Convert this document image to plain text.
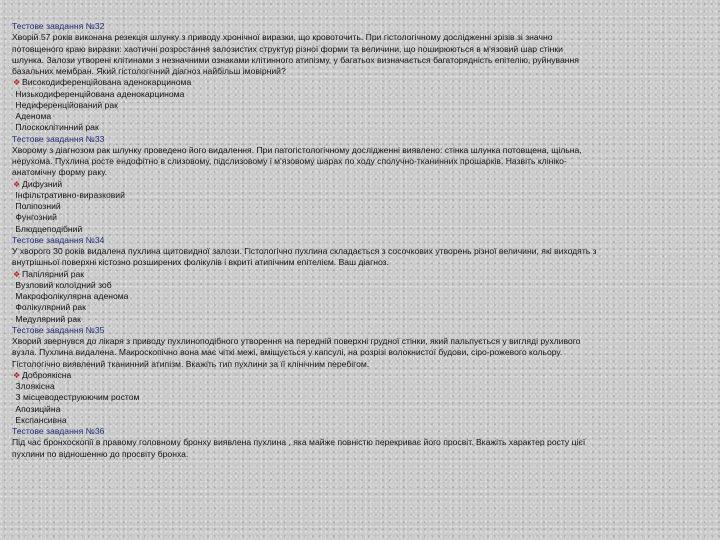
Тестове завдання №32
Хворій 57 років виконана резекція шлунку з приводу хронічної виразки, що кровоточить. При гістологічному дослідженні зрізів зі значно
потовщеного краю виразки: хаотичні розростання залозистих структур різної форми та величини, що поширюються в м'язовий шар стінки
шлунка. Залози утворені клітинами з незначними ознаками клітинного атипізму, у багатьох визначається багаторядність епітелію, руйнування
базальних мембран. Який гістологічний діагноз найбільш імовірний?
❖ Високодиференційована аденокарцинома
Низькодиференційована аденокарцинома
Недиференційований рак
Аденома
Плоскоклітинний рак
Тестове завдання №33
Хворому з діагнозом рак шлунку проведено його видалення. При патогістологічному дослідженні виявлено: стінка шлунка потовщена, щільна,
нерухома. Пухлина росте ендофітно в слизовому, підслизовому і м'язовому шарах по ходу сполучно-тканинних прошарків. Назвіть клініко-
анатомічну форму раку.
❖ Дифузний
Інфільтративно-виразковий
Поліпозний
Фунгозний
Блюдцеподібний
Тестове завдання №34
У хворого 30 років видалена пухлина щитовидної залози. Гістологічно пухлина складається з сосочкових утворень різної величини, які виходять з
внутрішньої поверхні кістозно розширених фолікулів і вкриті атипічним епітелієм. Ваш діагноз.
❖ Папілярний рак
Вузловий колоїдний зоб
Макрофолікулярна аденома
Фолікулярний рак
Медулярний рак
Тестове завдання №35
Хворий звернувся до лікаря з приводу пухлиноподібного утворення на передній поверхні грудної стінки, який пальпується у вигляді рухливого
вузла. Пухлина видалена. Макроскопічно вона має чіткі межі, вміщується у капсулі, на розрізі волокнистої будови, сіро-рожевого кольору.
Гістологічно виявлений тканинний атипізм. Вкажіть тип пухлини за її клінічним перебігом.
❖ Доброякісна
Злоякісна
З місцеводеструюючим ростом
Апозиційна
Експансивна
Тестове завдання №36
Під час бронхоскопії в правому головному бронху виявлена пухлина , яка майже повністю перекриває його просвіт. Вкажіть характер росту цієї
пухлини по відношенню до просвіту бронха.
